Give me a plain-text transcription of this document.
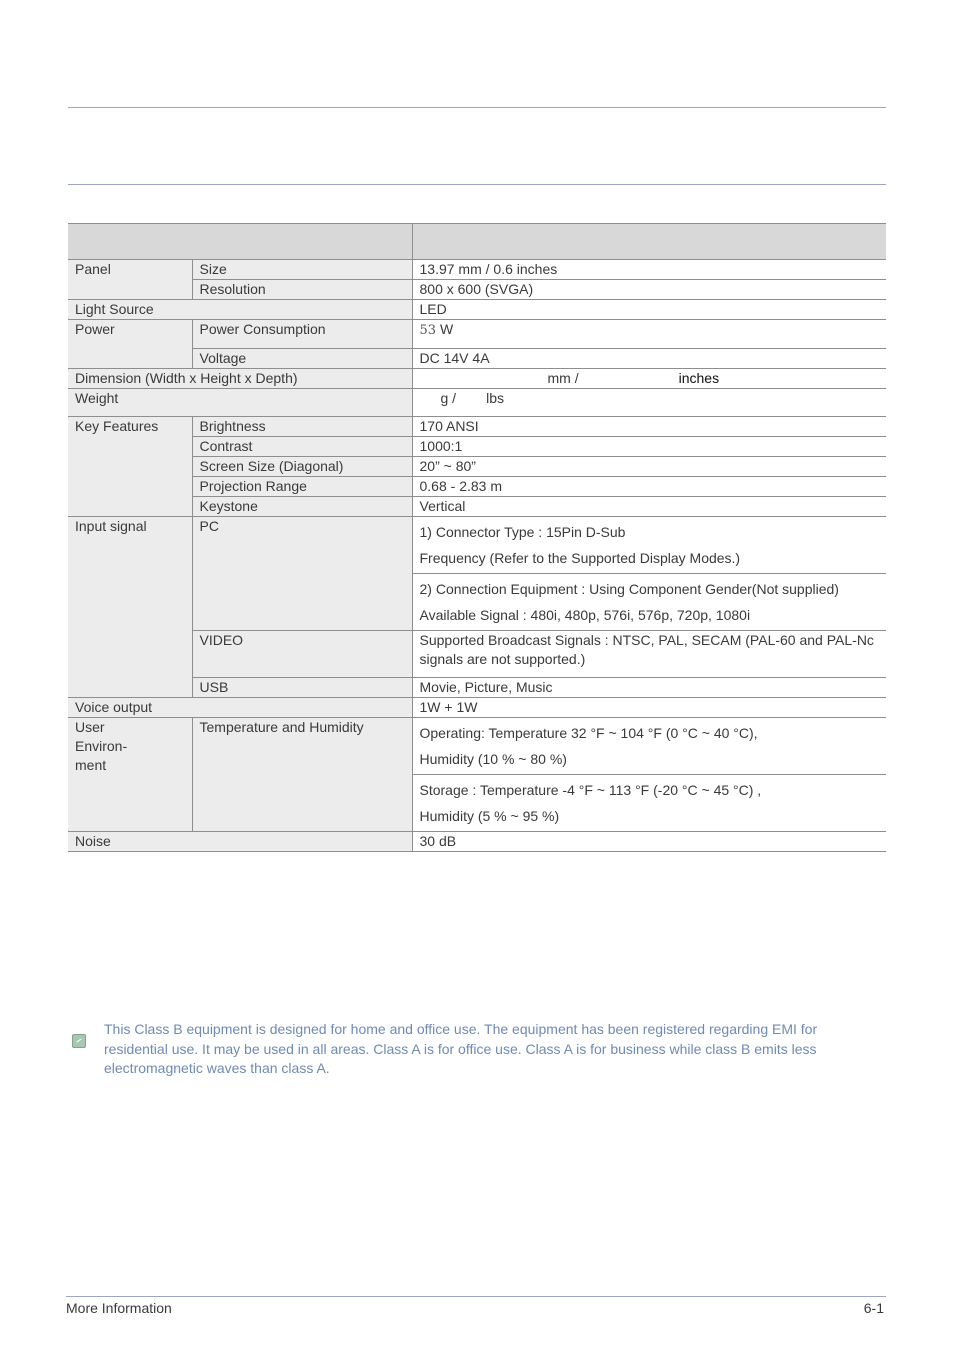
Panel	Size	13.97 mm / 0.6 inches
	Resolution	800 x 600 (SVGA)
Light Source		LED
Power	Power Consumption	53 W
	Voltage	DC 14V 4A
Dimension (Width x Height x Depth)		mm / inches
Weight		g / lbs
Key Features	Brightness	170 ANSI
	Contrast	1000:1
	Screen Size (Diagonal)	20” ~ 80”
	Projection Range	0.68 - 2.83 m
	Keystone	Vertical
Input signal	PC	1) Connector Type : 15Pin D-Sub
Frequency (Refer to the Supported Display Modes.)

		2) Connection Equipment : Using Component Gender(Not supplied)
Available Signal : 480i, 480p, 576i, 576p, 720p, 1080i

	VIDEO	Supported Broadcast Signals : NTSC, PAL, SECAM (PAL-60 and PAL-Nc signals are not supported.)
	USB	Movie, Picture, Music
Voice output		1W + 1W

User Environ-ment	Temperature and Humidity	Operating: Temperature 32 °F ~ 104 °F (0 °C ~ 40 °C),
Humidity (10 % ~ 80 %)

		Storage : Temperature -4 °F ~ 113 °F (-20 °C ~ 45 °C) ,
Humidity (5 % ~ 95 %)

Noise		30 dB
This Class B equipment is designed for home and office use. The equipment has been registered regarding EMI for residential use. It may be used in all areas. Class A is for office use. Class A is for business while class B emits less electromagnetic waves than class A.
More Information	6-1
